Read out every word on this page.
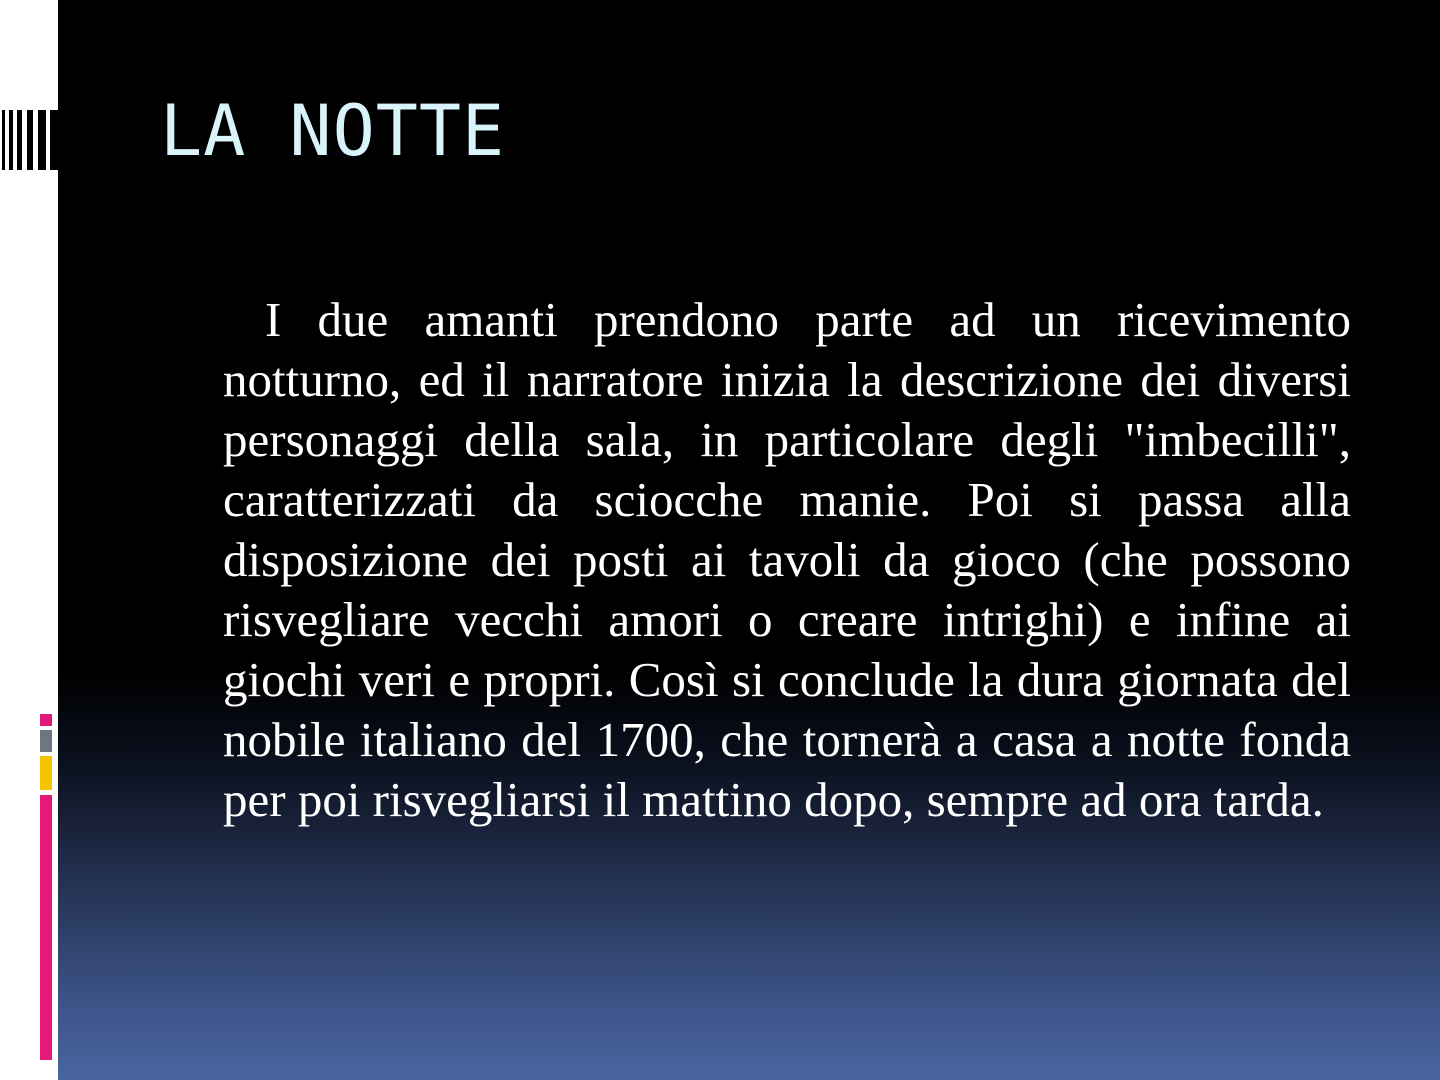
LA NOTTE

I due amanti prendono parte ad un ricevimento notturno, ed il narratore inizia la descrizione dei diversi personaggi della sala, in particolare degli "imbecilli", caratterizzati da sciocche manie. Poi si passa alla disposizione dei posti ai tavoli da gioco (che possono risvegliare vecchi amori o creare intrighi) e infine ai giochi veri e propri. Così si conclude la dura giornata del nobile italiano del 1700, che tornerà a casa a notte fonda per poi risvegliarsi il mattino dopo, sempre ad ora tarda.
